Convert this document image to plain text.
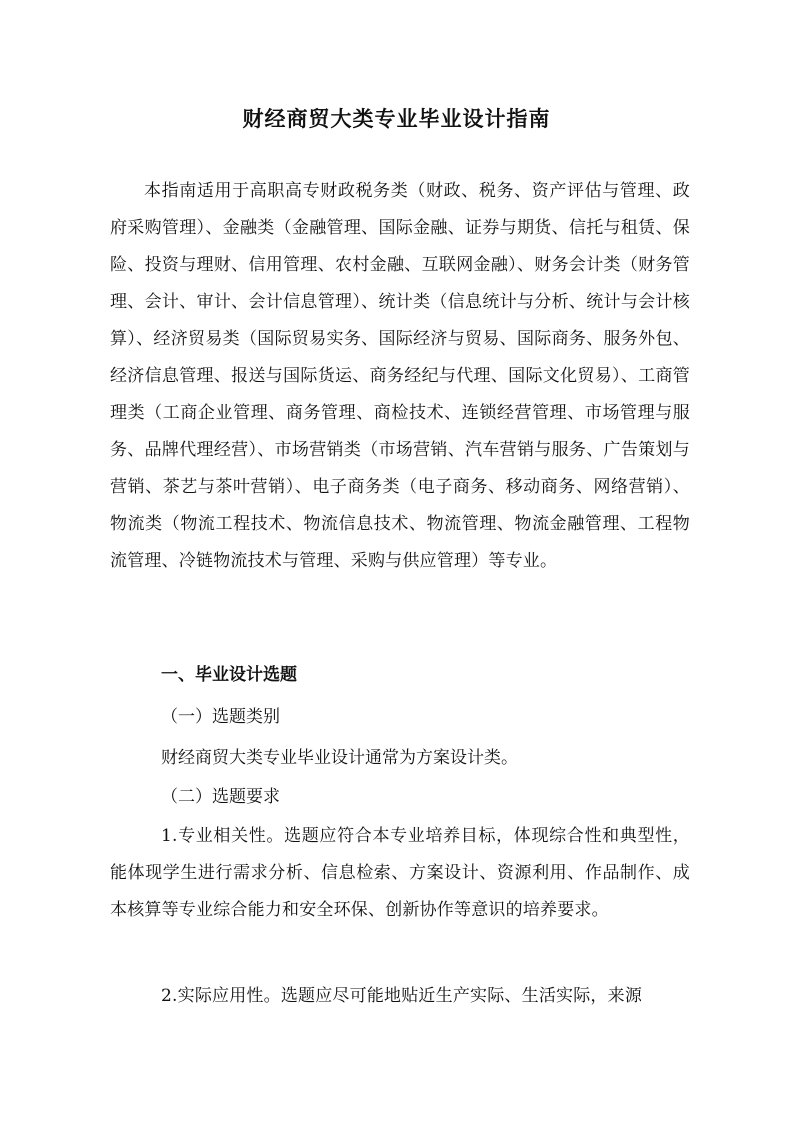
财经商贸大类专业毕业设计指南
本指南适用于高职高专财政税务类（财政、税务、资产评估与管理、政府采购管理）、金融类（金融管理、国际金融、证券与期货、信托与租赁、保险、投资与理财、信用管理、农村金融、互联网金融）、财务会计类（财务管理、会计、审计、会计信息管理）、统计类（信息统计与分析、统计与会计核算）、经济贸易类（国际贸易实务、国际经济与贸易、国际商务、服务外包、经济信息管理、报送与国际货运、商务经纪与代理、国际文化贸易）、工商管理类（工商企业管理、商务管理、商检技术、连锁经营管理、市场管理与服务、品牌代理经营）、市场营销类（市场营销、汽车营销与服务、广告策划与营销、茶艺与茶叶营销）、电子商务类（电子商务、移动商务、网络营销）、物流类（物流工程技术、物流信息技术、物流管理、物流金融管理、工程物流管理、冷链物流技术与管理、采购与供应管理）等专业。
一、毕业设计选题
（一）选题类别
财经商贸大类专业毕业设计通常为方案设计类。
（二）选题要求
1.专业相关性。选题应符合本专业培养目标，体现综合性和典型性，能体现学生进行需求分析、信息检索、方案设计、资源利用、作品制作、成本核算等专业综合能力和安全环保、创新协作等意识的培养要求。
2.实际应用性。选题应尽可能地贴近生产实际、生活实际，来源
